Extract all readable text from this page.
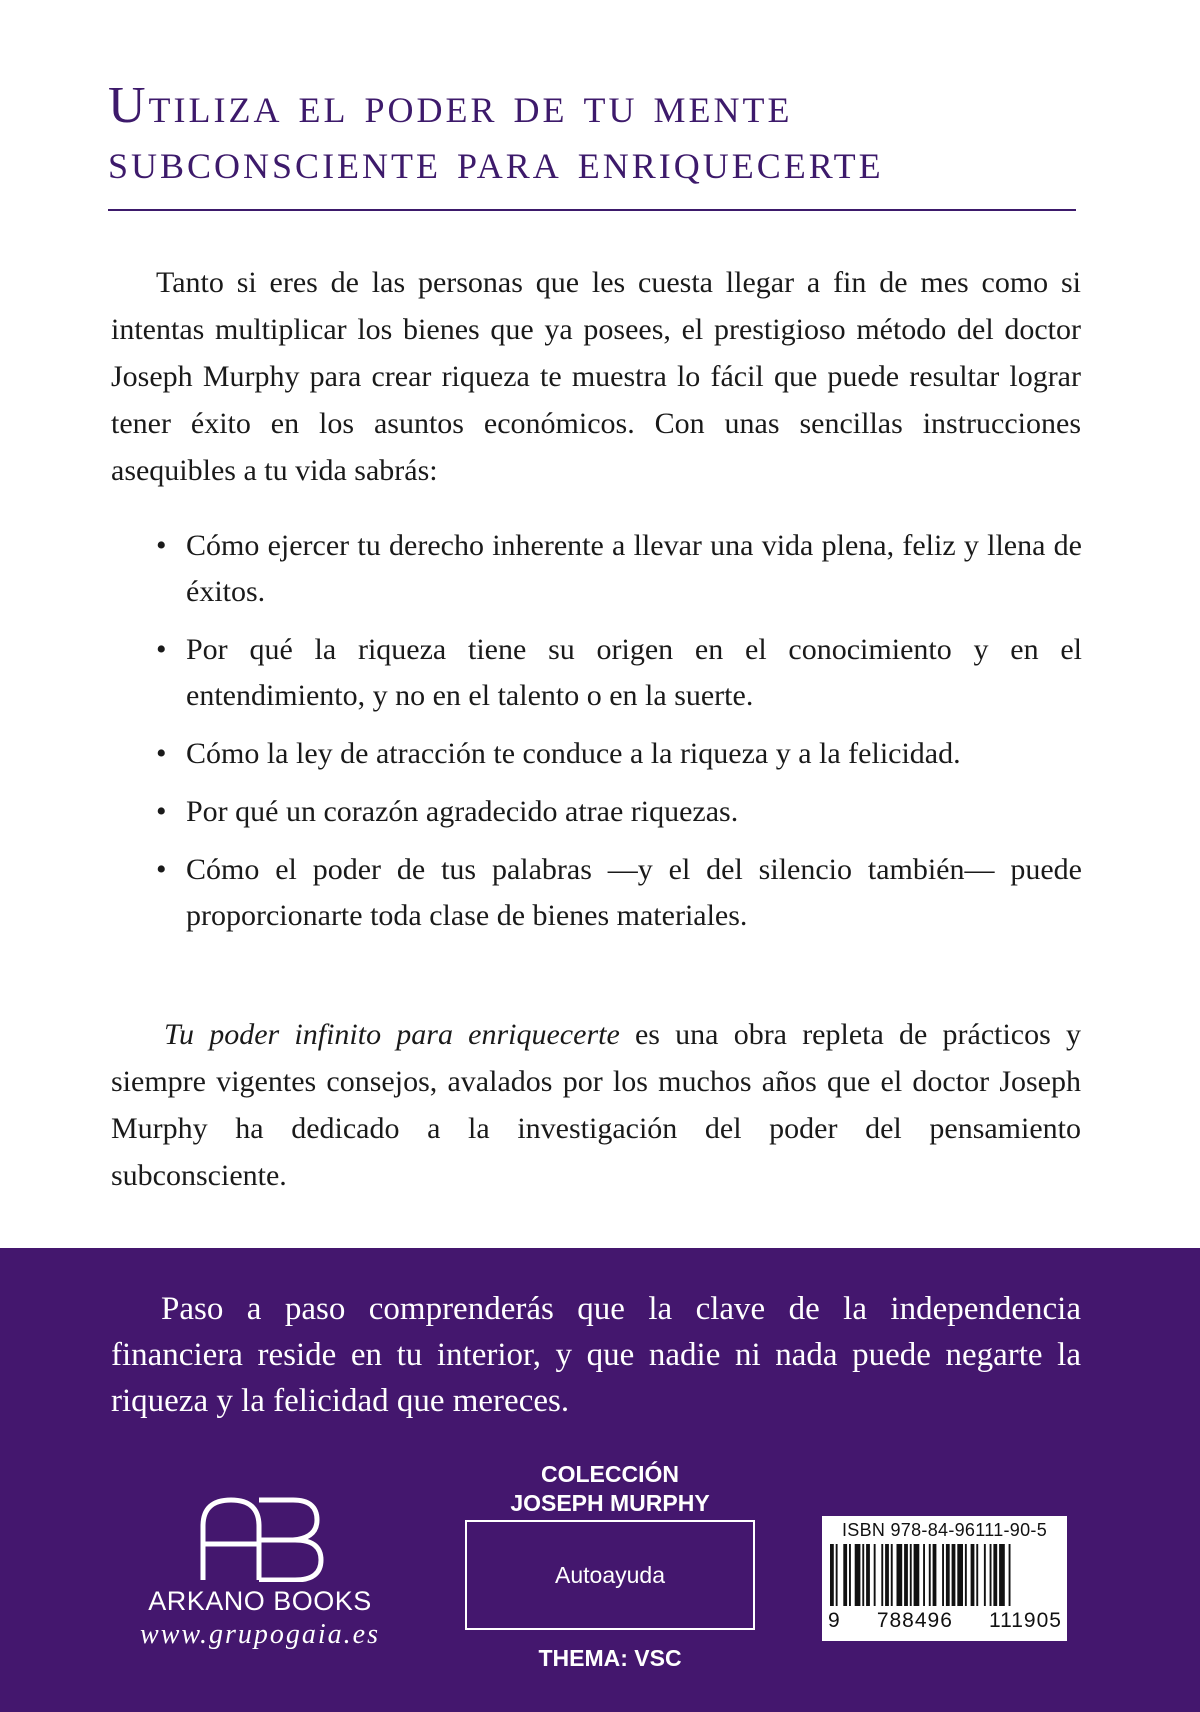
Utiliza el poder de tu mente
subconsciente para enriquecerte

Tanto si eres de las personas que les cuesta llegar a fin de mes como si intentas multiplicar los bienes que ya posees, el prestigioso método del doctor Joseph Murphy para crear riqueza te muestra lo fácil que puede resultar lograr tener éxito en los asuntos económicos. Con unas sencillas instrucciones asequibles a tu vida sabrás:

• Cómo ejercer tu derecho inherente a llevar una vida plena, feliz y llena de éxitos.
• Por qué la riqueza tiene su origen en el conocimiento y en el entendimiento, y no en el talento o en la suerte.
• Cómo la ley de atracción te conduce a la riqueza y a la felicidad.
• Por qué un corazón agradecido atrae riquezas.
• Cómo el poder de tus palabras —y el del silencio también— puede proporcionarte toda clase de bienes materiales.

Tu poder infinito para enriquecerte es una obra repleta de prácticos y siempre vigentes consejos, avalados por los muchos años que el doctor Joseph Murphy ha dedicado a la investigación del poder del pensamiento subconsciente.

Paso a paso comprenderás que la clave de la independencia financiera reside en tu interior, y que nadie ni nada puede negarte la riqueza y la felicidad que mereces.

ARKANO BOOKS
www.grupogaia.es
COLECCIÓN
JOSEPH MURPHY
Autoayuda
THEMA: VSC
ISBN 978-84-96111-90-5
9 788496 111905
